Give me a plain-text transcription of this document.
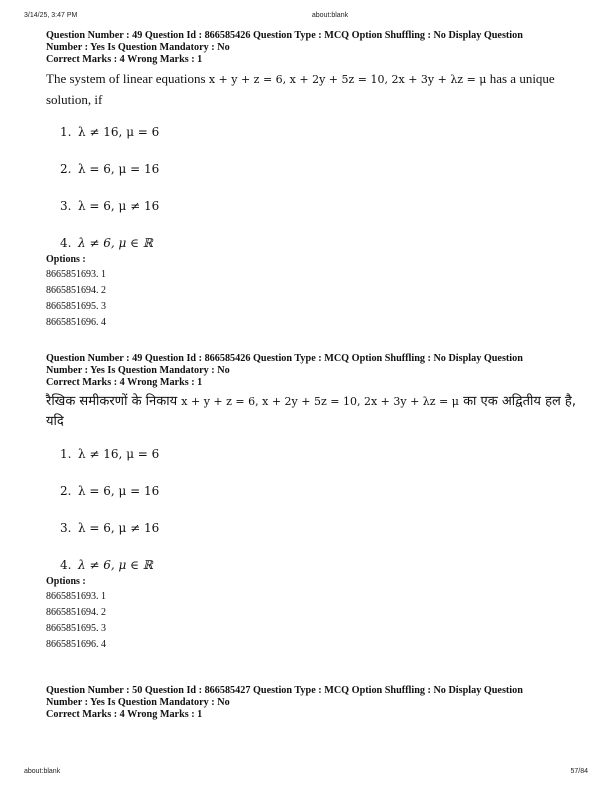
3/14/25, 3:47 PM	about:blank
Question Number : 49 Question Id : 866585426 Question Type : MCQ Option Shuffling : No Display Question
Number : Yes Is Question Mandatory : No
Correct Marks : 4 Wrong Marks : 1
The system of linear equations x + y + z = 6, x + 2y + 5z = 10, 2x + 3y + λz = μ has a unique solution, if
1. λ ≠ 16, μ = 6
2. λ = 6, μ = 16
3. λ = 6, μ ≠ 16
4. λ ≠ 6, μ ∈ ℝ
Options :
8665851693. 1
8665851694. 2
8665851695. 3
8665851696. 4
Question Number : 49 Question Id : 866585426 Question Type : MCQ Option Shuffling : No Display Question
Number : Yes Is Question Mandatory : No
Correct Marks : 4 Wrong Marks : 1
रैखिक समीकरणों के निकाय x + y + z = 6, x + 2y + 5z = 10, 2x + 3y + λz = μ का एक अद्वितीय हल है, यदि
1. λ ≠ 16, μ = 6
2. λ = 6, μ = 16
3. λ = 6, μ ≠ 16
4. λ ≠ 6, μ ∈ ℝ
Options :
8665851693. 1
8665851694. 2
8665851695. 3
8665851696. 4
Question Number : 50 Question Id : 866585427 Question Type : MCQ Option Shuffling : No Display Question
Number : Yes Is Question Mandatory : No
Correct Marks : 4 Wrong Marks : 1
about:blank	57/84
